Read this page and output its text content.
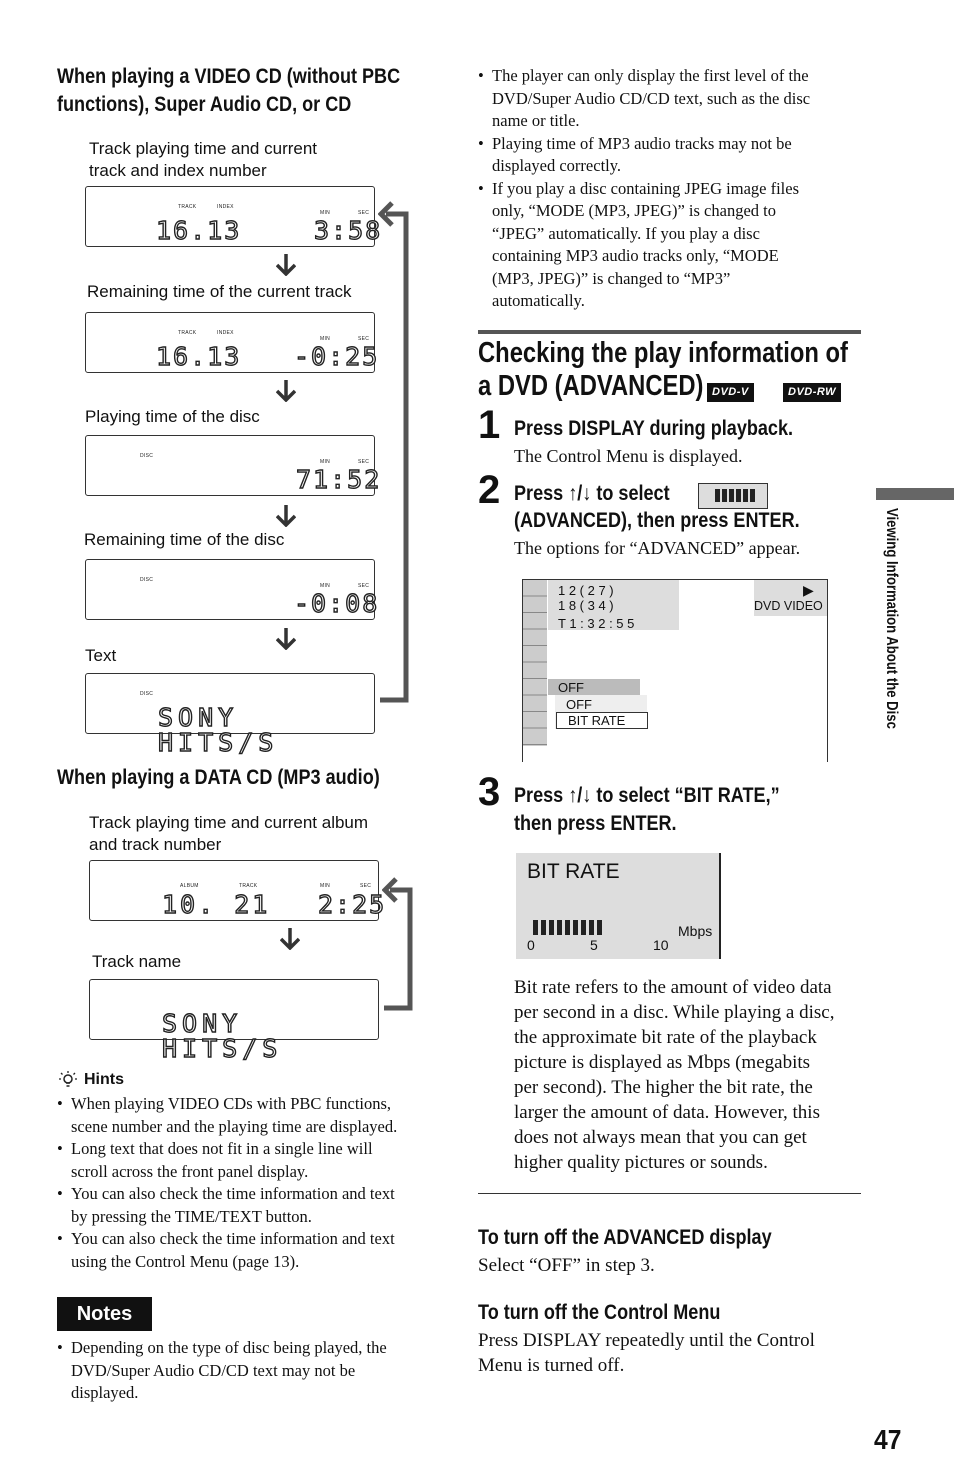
When playing a VIDEO CD (without PBC
functions), Super Audio CD, or CD
Track playing time and current
track and index number
TRACK	INDEX
MIN	SEC
16.13	3:58
Remaining time of the current track
TRACK	INDEX
MIN	SEC
16.13 -0:25
Playing time of the disc
DISC
MIN	SEC
71:52
Remaining time of the disc
DISC
MIN	SEC
-0:08
Text
DISC
SONY HITS/S
When playing a DATA CD (MP3 audio)
Track playing time and current album
and track number
ALBUM	TRACK	MIN	SEC
10. 21 2:25
Track name
SONY HITS/S
Hints
• When playing VIDEO CDs with PBC functions,
scene number and the playing time are displayed.
• Long text that does not fit in a single line will
scroll across the front panel display.
• You can also check the time information and text
by pressing the TIME/TEXT button.
• You can also check the time information and text
using the Control Menu (page 13).
Notes
• Depending on the type of disc being played, the
DVD/Super Audio CD/CD text may not be
displayed.
• The player can only display the first level of the
DVD/Super Audio CD/CD text, such as the disc
name or title.
• Playing time of MP3 audio tracks may not be
displayed correctly.
• If you play a disc containing JPEG image files
only, “MODE (MP3, JPEG)” is changed to
“JPEG” automatically. If you play a disc
containing MP3 audio tracks only, “MODE
(MP3, JPEG)” is changed to “MP3”
automatically.
Checking the play information of
a DVD (ADVANCED) DVD-V	DVD-RW
1 Press DISPLAY during playback.
The Control Menu is displayed.
2 Press ↑/↓ to select
(ADVANCED), then press ENTER.
The options for “ADVANCED” appear.
1 2 ( 2 7 )
1 8 ( 3 4 )
T 1 : 3 2 : 5 5
▶
DVD VIDEO
OFF
OFF
BIT RATE
3 Press ↑/↓ to select “BIT RATE,”
then press ENTER.
BIT RATE
0	5	10
Mbps
Bit rate refers to the amount of video data
per second in a disc. While playing a disc,
the approximate bit rate of the playback
picture is displayed as Mbps (megabits
per second). The higher the bit rate, the
larger the amount of data. However, this
does not always mean that you can get
higher quality pictures or sounds.
To turn off the ADVANCED display
Select “OFF” in step 3.
To turn off the Control Menu
Press DISPLAY repeatedly until the Control
Menu is turned off.
Viewing Information About the Disc
47
